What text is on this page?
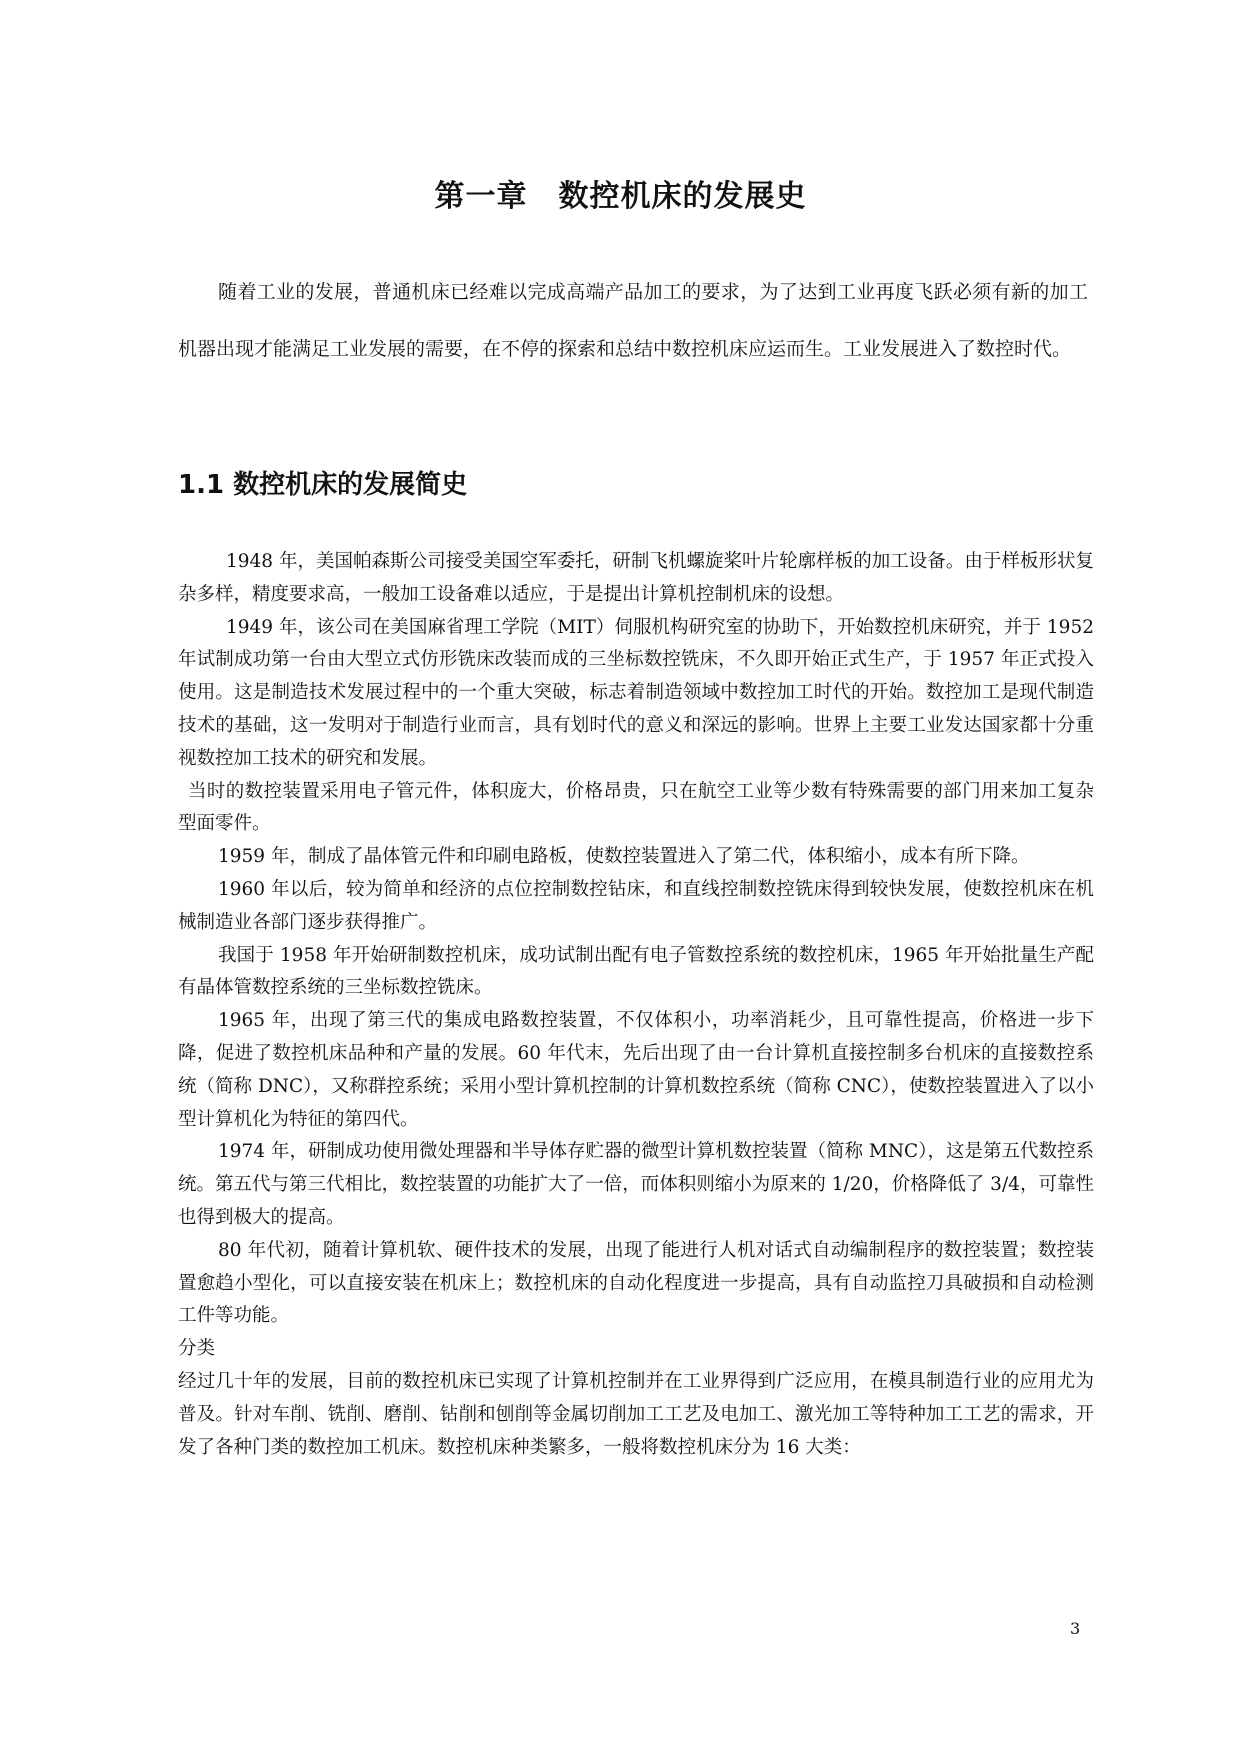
第一章　数控机床的发展史

随着工业的发展，普通机床已经难以完成高端产品加工的要求，为了达到工业再度飞跃必须有新的加工机器出现才能满足工业发展的需要，在不停的探索和总结中数控机床应运而生。工业发展进入了数控时代。

1.1 数控机床的发展简史

1948 年，美国帕森斯公司接受美国空军委托，研制飞机螺旋桨叶片轮廓样板的加工设备。由于样板形状复杂多样，精度要求高，一般加工设备难以适应，于是提出计算机控制机床的设想。

1949 年，该公司在美国麻省理工学院（MIT）伺服机构研究室的协助下，开始数控机床研究，并于 1952 年试制成功第一台由大型立式仿形铣床改装而成的三坐标数控铣床，不久即开始正式生产，于 1957 年正式投入使用。这是制造技术发展过程中的一个重大突破，标志着制造领域中数控加工时代的开始。数控加工是现代制造技术的基础，这一发明对于制造行业而言，具有划时代的意义和深远的影响。世界上主要工业发达国家都十分重视数控加工技术的研究和发展。

当时的数控装置采用电子管元件，体积庞大，价格昂贵，只在航空工业等少数有特殊需要的部门用来加工复杂型面零件。

1959 年，制成了晶体管元件和印刷电路板，使数控装置进入了第二代，体积缩小，成本有所下降。

1960 年以后，较为简单和经济的点位控制数控钻床，和直线控制数控铣床得到较快发展，使数控机床在机械制造业各部门逐步获得推广。

我国于 1958 年开始研制数控机床，成功试制出配有电子管数控系统的数控机床，1965 年开始批量生产配有晶体管数控系统的三坐标数控铣床。

1965 年，出现了第三代的集成电路数控装置，不仅体积小，功率消耗少，且可靠性提高，价格进一步下降，促进了数控机床品种和产量的发展。60 年代末，先后出现了由一台计算机直接控制多台机床的直接数控系统（简称 DNC），又称群控系统；采用小型计算机控制的计算机数控系统（简称 CNC），使数控装置进入了以小型计算机化为特征的第四代。

1974 年，研制成功使用微处理器和半导体存贮器的微型计算机数控装置（简称 MNC），这是第五代数控系统。第五代与第三代相比，数控装置的功能扩大了一倍，而体积则缩小为原来的 1/20，价格降低了 3/4，可靠性也得到极大的提高。

80 年代初，随着计算机软、硬件技术的发展，出现了能进行人机对话式自动编制程序的数控装置；数控装置愈趋小型化，可以直接安装在机床上；数控机床的自动化程度进一步提高，具有自动监控刀具破损和自动检测工件等功能。

分类

经过几十年的发展，目前的数控机床已实现了计算机控制并在工业界得到广泛应用，在模具制造行业的应用尤为普及。针对车削、铣削、磨削、钻削和刨削等金属切削加工工艺及电加工、激光加工等特种加工工艺的需求，开发了各种门类的数控加工机床。数控机床种类繁多，一般将数控机床分为 16 大类：

3
